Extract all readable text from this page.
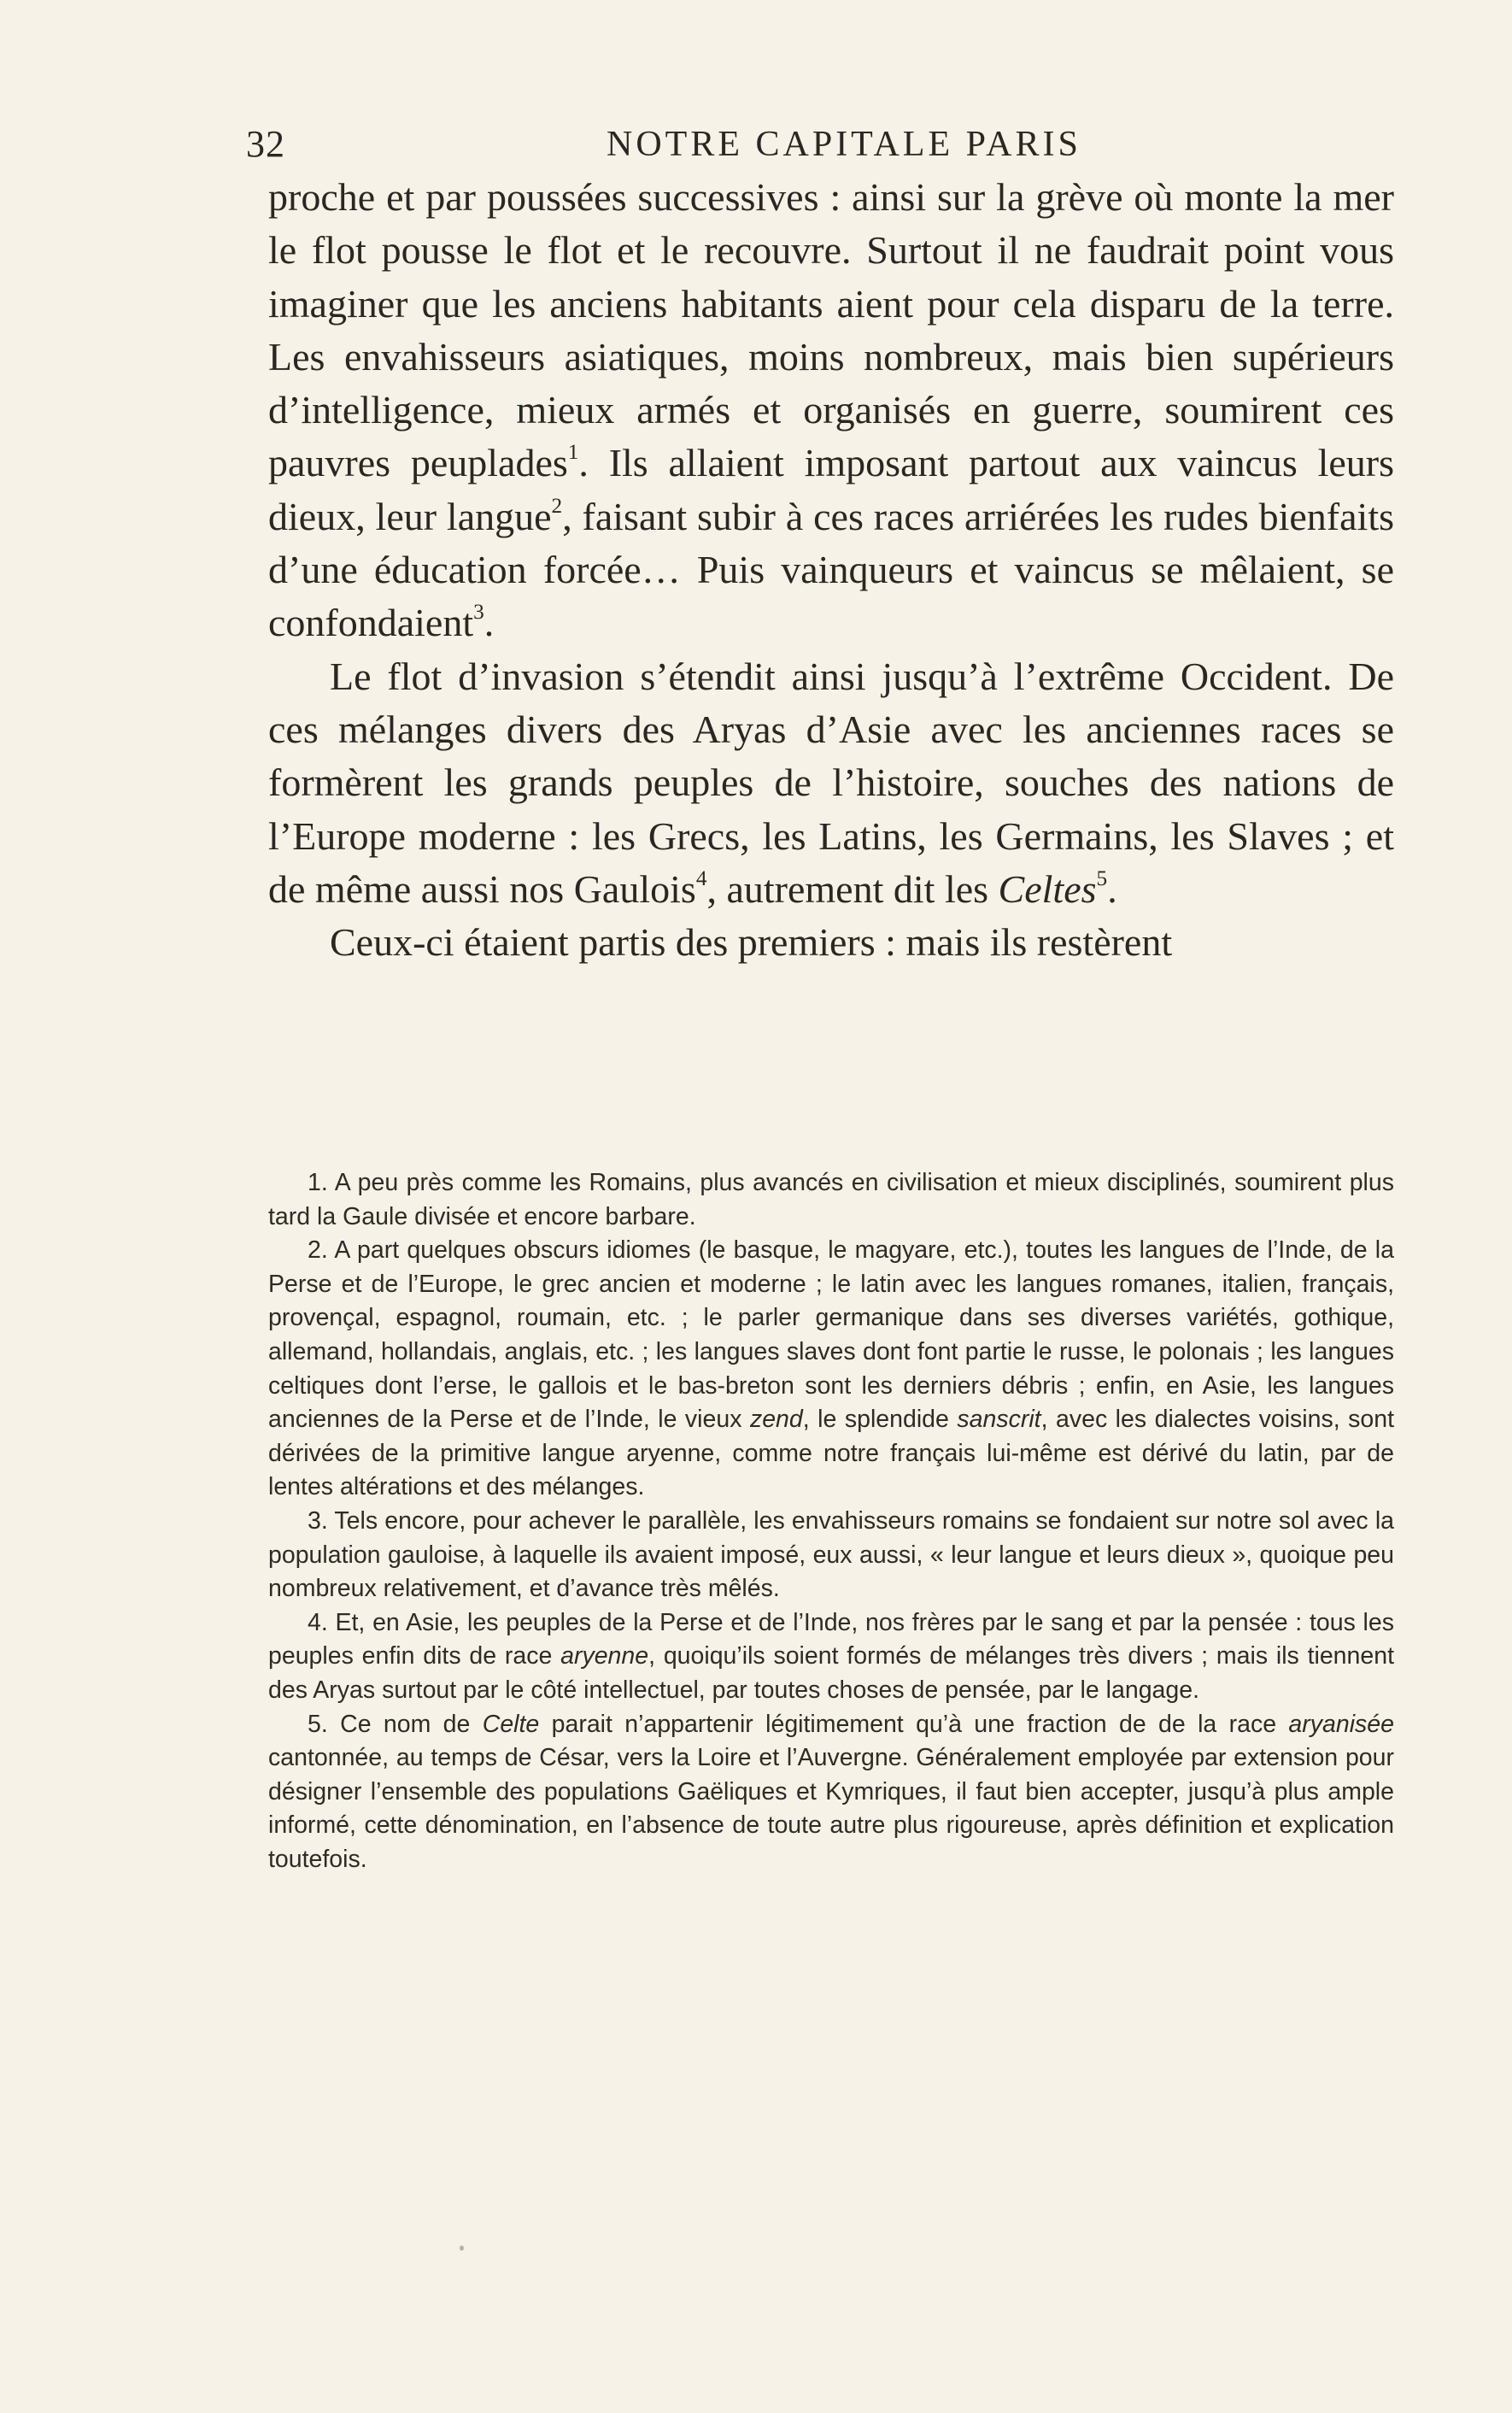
32	NOTRE CAPITALE PARIS

proche et par poussées successives : ainsi sur la grève où monte la mer le flot pousse le flot et le recouvre. Surtout il ne faudrait point vous imaginer que les anciens habitants aient pour cela disparu de la terre. Les envahisseurs asiatiques, moins nombreux, mais bien supérieurs d’intelligence, mieux armés et organisés en guerre, soumirent ces pauvres peuplades$^1$. Ils allaient imposant partout aux vaincus leurs dieux, leur langue$^2$, faisant subir à ces races arriérées les rudes bienfaits d’une éducation forcée… Puis vainqueurs et vaincus se mêlaient, se confondaient$^3$.

Le flot d’invasion s’étendit ainsi jusqu’à l’extrême Occident. De ces mélanges divers des Aryas d’Asie avec les anciennes races se formèrent les grands peuples de l’histoire, souches des nations de l’Europe moderne : les Grecs, les Latins, les Germains, les Slaves ; et de même aussi nos Gaulois$^4$, autrement dit les Celtes$^5$.

Ceux-ci étaient partis des premiers : mais ils restèrent

1. A peu près comme les Romains, plus avancés en civilisation et mieux disciplinés, soumirent plus tard la Gaule divisée et encore barbare.

2. A part quelques obscurs idiomes (le basque, le magyare, etc.), toutes les langues de l’Inde, de la Perse et de l’Europe, le grec ancien et moderne ; le latin avec les langues romanes, italien, français, provençal, espagnol, roumain, etc. ; le parler germanique dans ses diverses variétés, gothique, allemand, hollandais, anglais, etc. ; les langues slaves dont font partie le russe, le polonais ; les langues celtiques dont l’erse, le gallois et le bas-breton sont les derniers débris ; enfin, en Asie, les langues anciennes de la Perse et de l’Inde, le vieux zend, le splendide sanscrit, avec les dialectes voisins, sont dérivées de la primitive langue aryenne, comme notre français lui-même est dérivé du latin, par de lentes altérations et des mélanges.

3. Tels encore, pour achever le parallèle, les envahisseurs romains se fondaient sur notre sol avec la population gauloise, à laquelle ils avaient imposé, eux aussi, « leur langue et leurs dieux », quoique peu nombreux relativement, et d’avance très mêlés.

4. Et, en Asie, les peuples de la Perse et de l’Inde, nos frères par le sang et par la pensée : tous les peuples enfin dits de race aryenne, quoiqu’ils soient formés de mélanges très divers ; mais ils tiennent des Aryas surtout par le côté intellectuel, par toutes choses de pensée, par le langage.

5. Ce nom de Celte parait n’appartenir légitimement qu’à une fraction de de la race aryanisée cantonnée, au temps de César, vers la Loire et l’Auvergne. Généralement employée par extension pour désigner l’ensemble des populations Gaëliques et Kymriques, il faut bien accepter, jusqu’à plus ample informé, cette dénomination, en l’absence de toute autre plus rigoureuse, après définition et explication toutefois.
